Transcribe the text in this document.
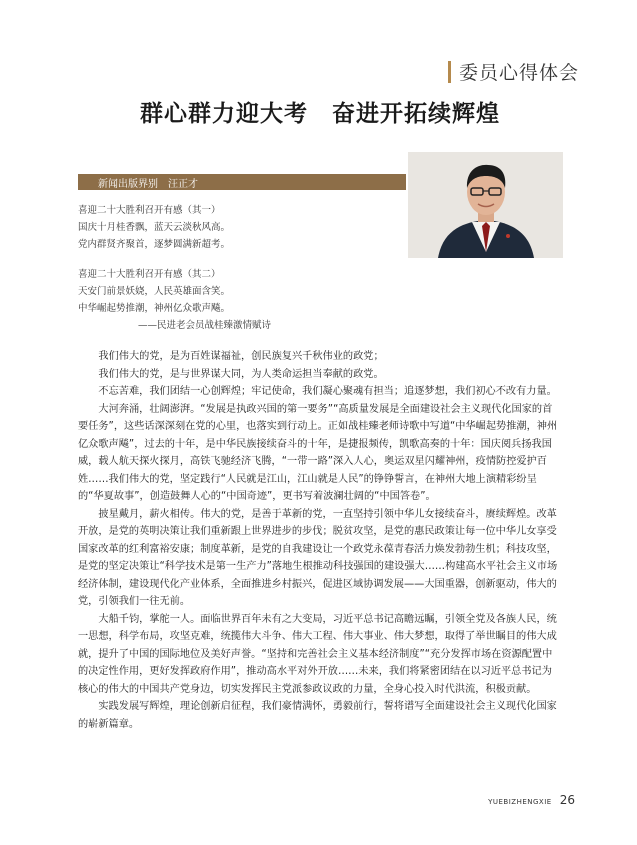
委员心得体会
群心群力迎大考　奋进开拓续辉煌
新闻出版界别 汪正才
喜迎二十大胜利召开有感（其一）
国庆十月桂香飘，蓝天云淡秋风高。
党内群贤齐聚首，逐梦圆满新超考。
喜迎二十大胜利召开有感（其二）
天安门前景妖娆，人民英雄面含笑。
中华崛起势推潮，神州亿众歌声飚。
——民进老会员战桂臻激情赋诗

我们伟大的党，是为百姓谋福祉，创民族复兴千秋伟业的政党；

我们伟大的党，是与世界谋大同，为人类命运担当奉献的政党。

不忘苦难，我们团结一心创辉煌；牢记使命，我们凝心聚魂有担当；追逐梦想，我们初心不改有力量。

大河奔涌，壮阔澎湃。“发展是执政兴国的第一要务”“高质量发展是全面建设社会主义现代化国家的首要任务”，这些话深深刻在党的心里，也落实到行动上。正如战桂臻老师诗歌中写道“中华崛起势推潮，神州亿众歌声飚”，过去的十年，是中华民族接续奋斗的十年，是捷报频传，凯歌高奏的十年：国庆阅兵扬我国威，载人航天探火探月，高铁飞驰经济飞腾，“一带一路”深入人心，奥运双星闪耀神州，疫情防控爱护百姓……我们伟大的党，坚定践行“人民就是江山，江山就是人民”的铮铮誓言，在神州大地上演精彩纷呈的“华夏故事”，创造鼓舞人心的“中国奇迹”，更书写着波澜壮阔的“中国答卷”。

披星戴月，薪火相传。伟大的党，是善于革新的党，一直坚持引领中华儿女接续奋斗，赓续辉煌。改革开放，是党的英明决策让我们重新跟上世界进步的步伐；脱贫攻坚，是党的惠民政策让每一位中华儿女享受国家改革的红利富裕安康；制度革新，是党的自我建设让一个政党永葆青春活力焕发勃勃生机；科技攻坚，是党的坚定决策让“科学技术是第一生产力”落地生根推动科技强国的建设强大……构建高水平社会主义市场经济体制，建设现代化产业体系，全面推进乡村振兴，促进区域协调发展——大国重器，创新驱动，伟大的党，引领我们一往无前。

大船千钧，掌舵一人。面临世界百年未有之大变局，习近平总书记高瞻远瞩，引领全党及各族人民，统一思想，科学布局，攻坚克难，统揽伟大斗争、伟大工程、伟大事业、伟大梦想，取得了举世瞩目的伟大成就，提升了中国的国际地位及美好声誉。“坚持和完善社会主义基本经济制度”“充分发挥市场在资源配置中的决定性作用，更好发挥政府作用”，推动高水平对外开放……未来，我们将紧密团结在以习近平总书记为核心的伟大的中国共产党身边，切实发挥民主党派参政议政的力量，全身心投入时代洪流，积极贡献。

实践发展写辉煌，理论创新启征程，我们豪情满怀，勇毅前行，誓将谱写全面建设社会主义现代化国家的崭新篇章。

YUEBIZHENGXIE 26
